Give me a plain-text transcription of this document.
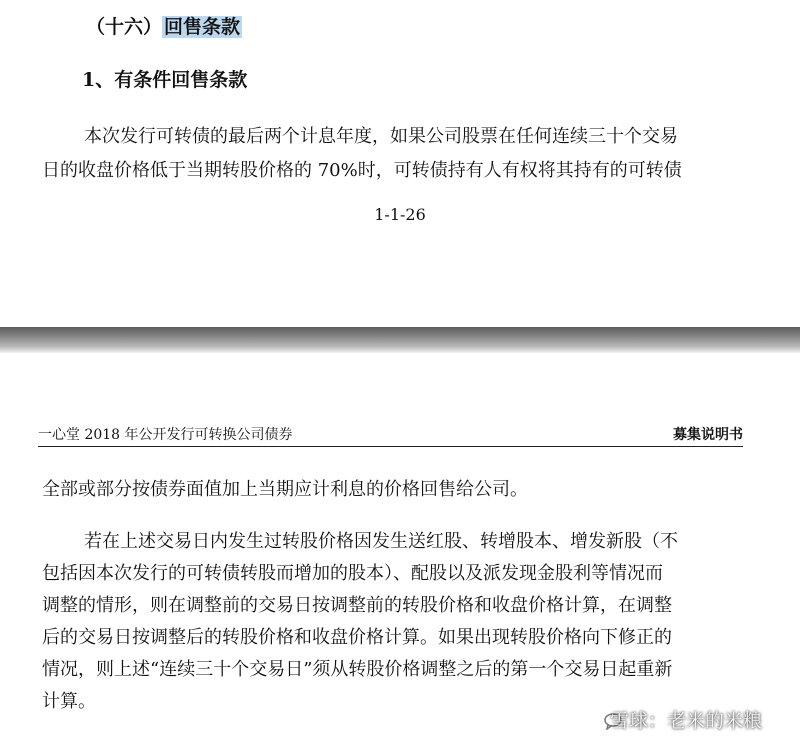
（十六） 回售条款
1、有条件回售条款
本次发行可转债的最后两个计息年度，如果公司股票在任何连续三十个交易
日的收盘价格低于当期转股价格的 70%时，可转债持有人有权将其持有的可转债
1-1-26
一心堂 2018 年公开发行可转换公司债券	募集说明书
全部或部分按债券面值加上当期应计利息的价格回售给公司。
若在上述交易日内发生过转股价格因发生送红股、转增股本、增发新股（不
包括因本次发行的可转债转股而增加的股本）、配股以及派发现金股利等情况而
调整的情形，则在调整前的交易日按调整前的转股价格和收盘价格计算，在调整
后的交易日按调整后的转股价格和收盘价格计算。如果出现转股价格向下修正的
情况，则上述“连续三十个交易日”须从转股价格调整之后的第一个交易日起重新
计算。
雪球：老米的米粮
